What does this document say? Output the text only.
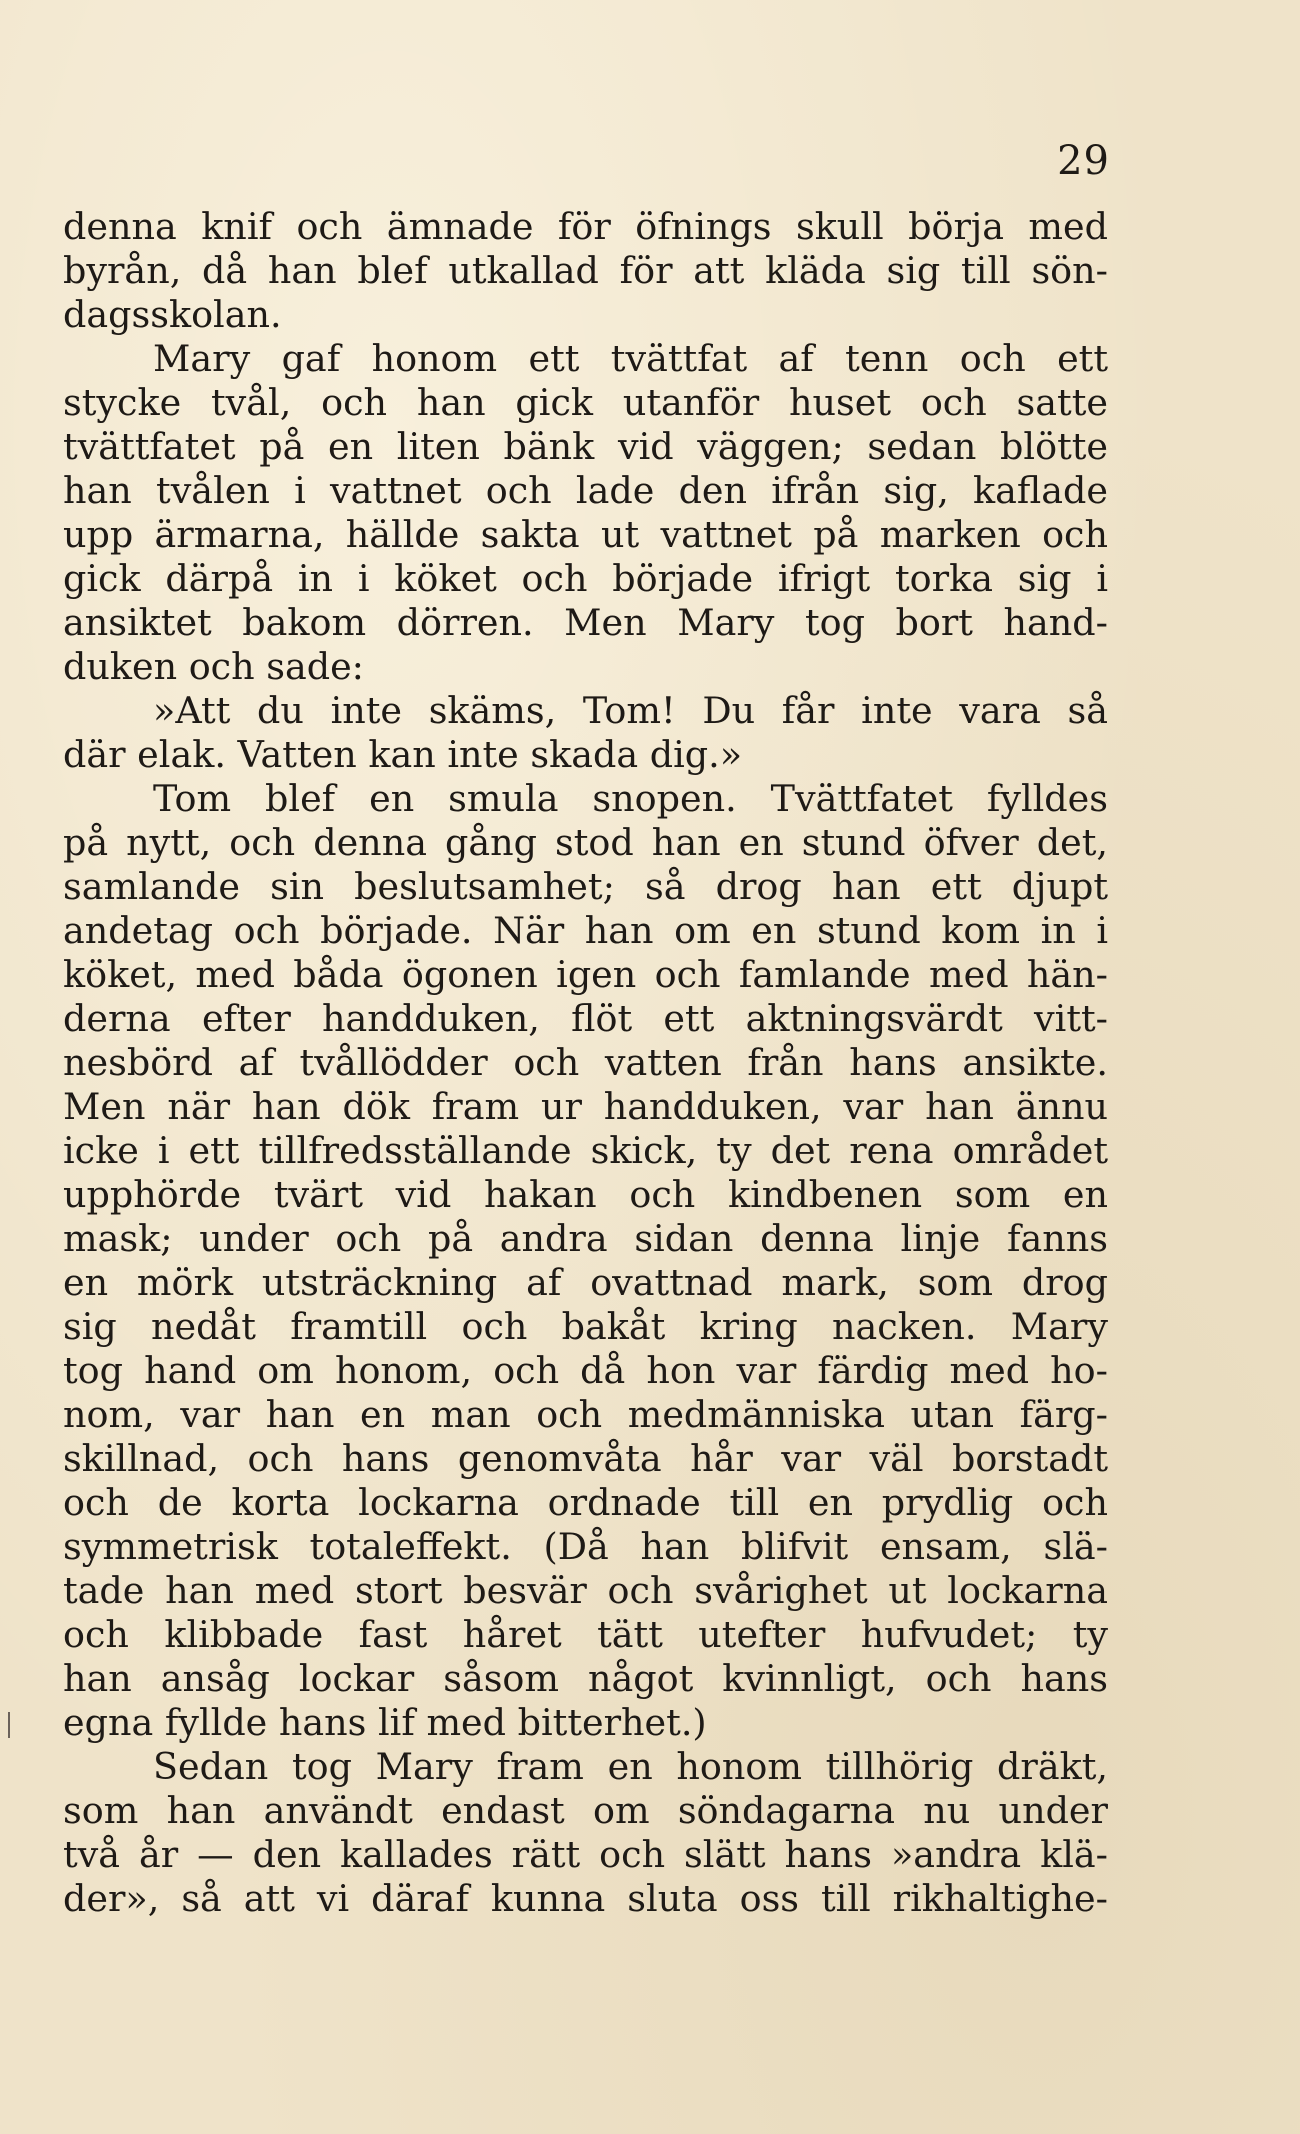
29
denna knif och ämnade för öfnings skull börja med
byrån, då han blef utkallad för att kläda sig till sön-
dagsskolan.
Mary gaf honom ett tvättfat af tenn och ett
stycke tvål, och han gick utanför huset och satte
tvättfatet på en liten bänk vid väggen; sedan blötte
han tvålen i vattnet och lade den ifrån sig, kaflade
upp ärmarna, hällde sakta ut vattnet på marken och
gick därpå in i köket och började ifrigt torka sig i
ansiktet bakom dörren. Men Mary tog bort hand-
duken och sade:
»Att du inte skäms, Tom! Du får inte vara så
där elak. Vatten kan inte skada dig.»
Tom blef en smula snopen. Tvättfatet fylldes
på nytt, och denna gång stod han en stund öfver det,
samlande sin beslutsamhet; så drog han ett djupt
andetag och började. När han om en stund kom in i
köket, med båda ögonen igen och famlande med hän-
derna efter handduken, flöt ett aktningsvärdt vitt-
nesbörd af tvållödder och vatten från hans ansikte.
Men när han dök fram ur handduken, var han ännu
icke i ett tillfredsställande skick, ty det rena området
upphörde tvärt vid hakan och kindbenen som en
mask; under och på andra sidan denna linje fanns
en mörk utsträckning af ovattnad mark, som drog
sig nedåt framtill och bakåt kring nacken. Mary
tog hand om honom, och då hon var färdig med ho-
nom, var han en man och medmänniska utan färg-
skillnad, och hans genomvåta hår var väl borstadt
och de korta lockarna ordnade till en prydlig och
symmetrisk totaleffekt. (Då han blifvit ensam, slä-
tade han med stort besvär och svårighet ut lockarna
och klibbade fast håret tätt utefter hufvudet; ty
han ansåg lockar såsom något kvinnligt, och hans
egna fyllde hans lif med bitterhet.)
Sedan tog Mary fram en honom tillhörig dräkt,
som han användt endast om söndagarna nu under
två år — den kallades rätt och slätt hans »andra klä-
der», så att vi däraf kunna sluta oss till rikhaltighe-
